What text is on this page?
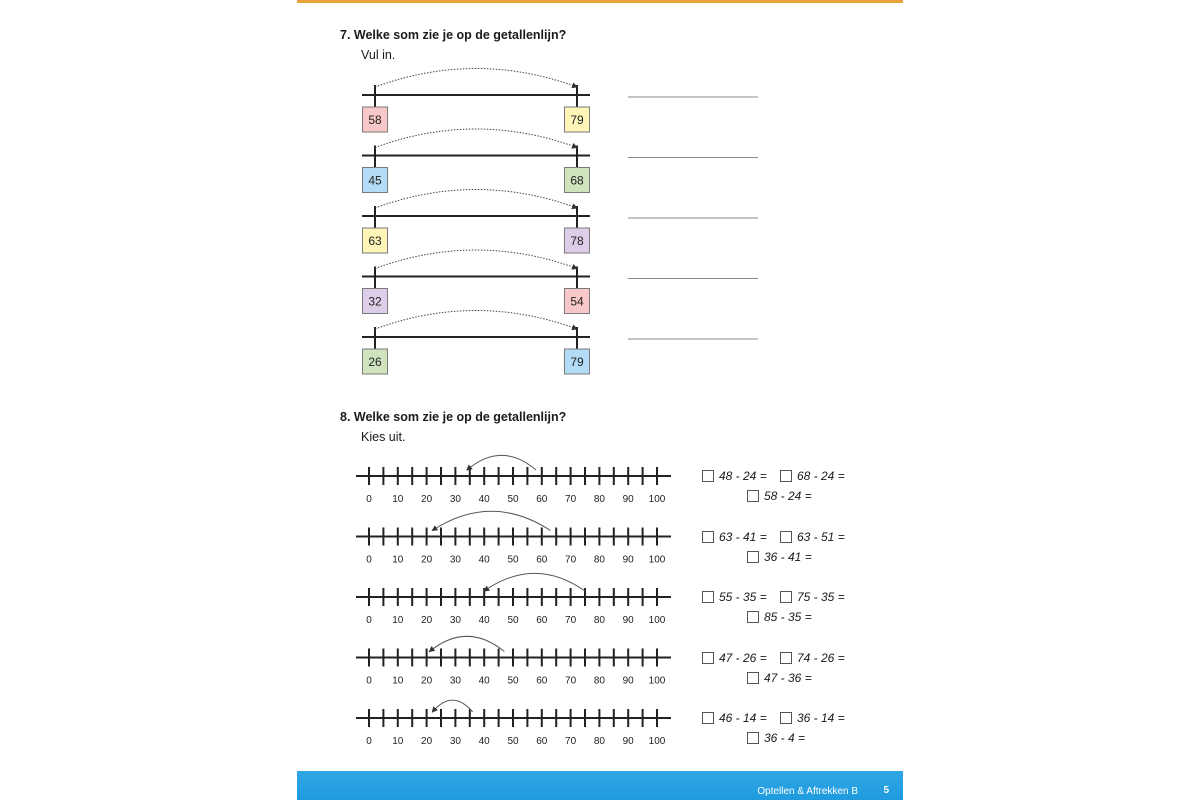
7. Welke som zie je op de getallenlijn?
Vul in.
58	79
45	68
63	78
32	54
26	79
8. Welke som zie je op de getallenlijn?
Kies uit.
0 10 20 30 40 50 60 70 80 90 100
0 10 20 30 40 50 60 70 80 90 100
0 10 20 30 40 50 60 70 80 90 100
0 10 20 30 40 50 60 70 80 90 100
0 10 20 30 40 50 60 70 80 90 100
48 - 24 =	68 - 24 =
58 - 24 =
63 - 41 =	63 - 51 =
36 - 41 =
55 - 35 =	75 - 35 =
85 - 35 =
47 - 26 =	74 - 26 =
47 - 36 =
46 - 14 =	36 - 14 =
36 - 4 =
Optellen & Aftrekken B	5
